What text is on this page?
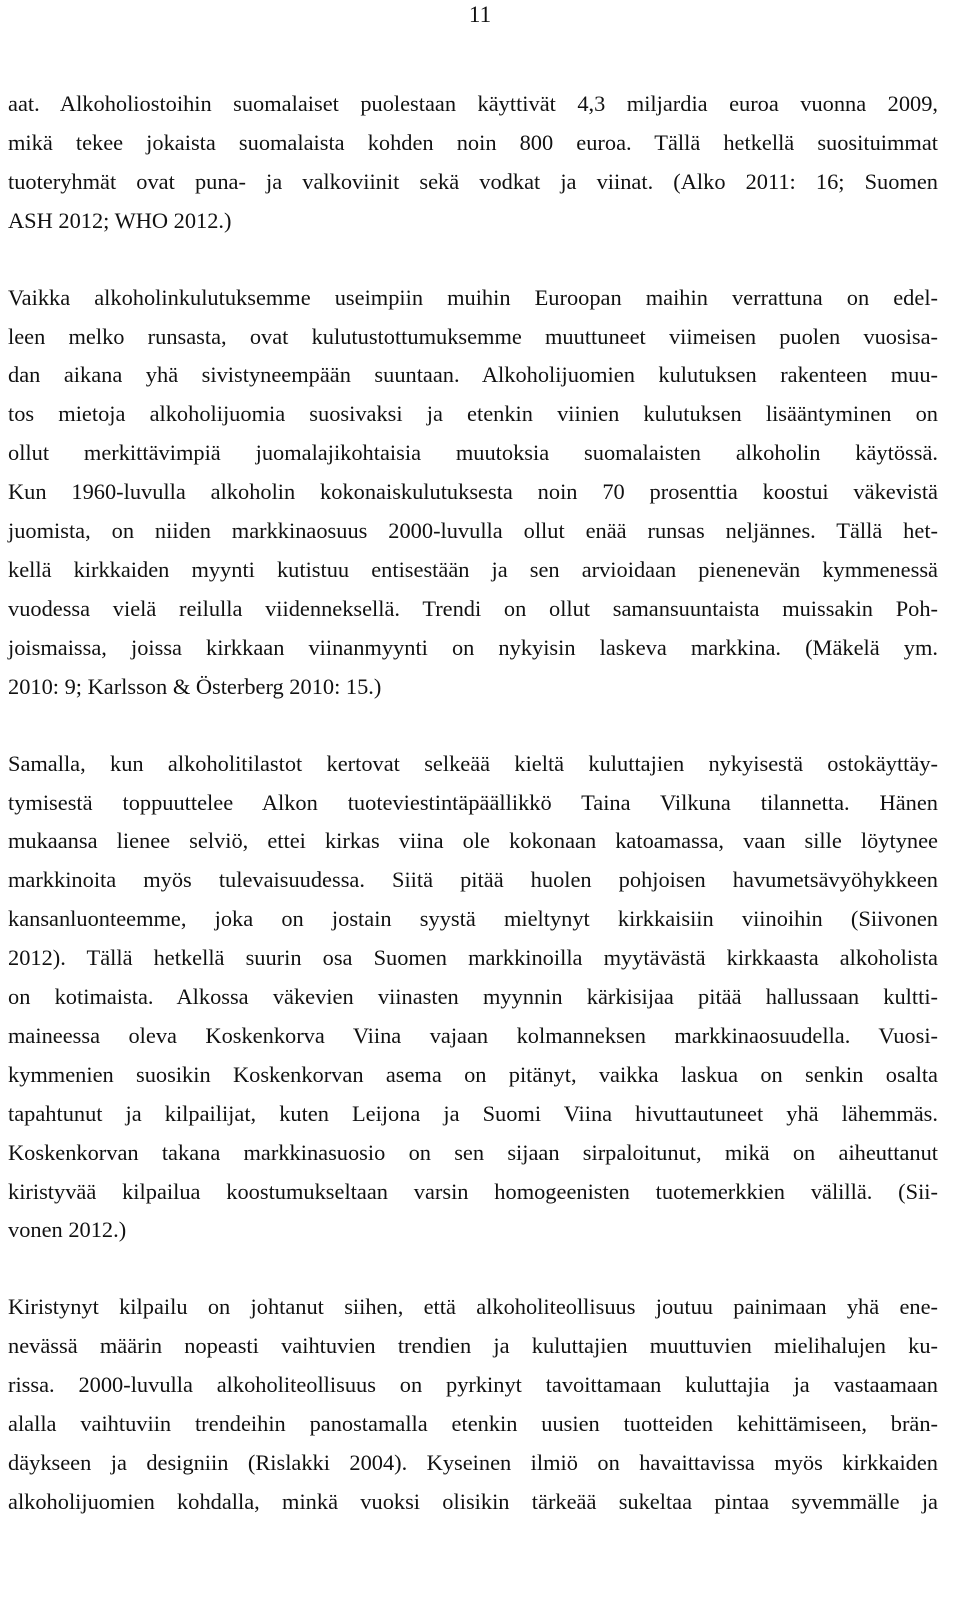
11

aat. Alkoholiostoihin suomalaiset puolestaan käyttivät 4,3 miljardia euroa vuonna 2009,
mikä tekee jokaista suomalaista kohden noin 800 euroa. Tällä hetkellä suosituimmat
tuoteryhmät ovat puna- ja valkoviinit sekä vodkat ja viinat. (Alko 2011: 16; Suomen
ASH 2012; WHO 2012.)

Vaikka alkoholinkulutuksemme useimpiin muihin Euroopan maihin verrattuna on edel-
leen melko runsasta, ovat kulutustottumuksemme muuttuneet viimeisen puolen vuosisa-
dan aikana yhä sivistyneempään suuntaan. Alkoholijuomien kulutuksen rakenteen muu-
tos mietoja alkoholijuomia suosivaksi ja etenkin viinien kulutuksen lisääntyminen on
ollut merkittävimpiä juomalajikohtaisia muutoksia suomalaisten alkoholin käytössä.
Kun 1960-luvulla alkoholin kokonaiskulutuksesta noin 70 prosenttia koostui väkevistä
juomista, on niiden markkinaosuus 2000-luvulla ollut enää runsas neljännes. Tällä het-
kellä kirkkaiden myynti kutistuu entisestään ja sen arvioidaan pienenevän kymmenessä
vuodessa vielä reilulla viidenneksellä. Trendi on ollut samansuuntaista muissakin Poh-
joismaissa, joissa kirkkaan viinanmyynti on nykyisin laskeva markkina. (Mäkelä ym.
2010: 9; Karlsson & Österberg 2010: 15.)

Samalla, kun alkoholitilastot kertovat selkeää kieltä kuluttajien nykyisestä ostokäyttäy-
tymisestä toppuuttelee Alkon tuoteviestintäpäällikkö Taina Vilkuna tilannetta. Hänen
mukaansa lienee selviö, ettei kirkas viina ole kokonaan katoamassa, vaan sille löytynee
markkinoita myös tulevaisuudessa. Siitä pitää huolen pohjoisen havumetsävyöhykkeen
kansanluonteemme, joka on jostain syystä mieltynyt kirkkaisiin viinoihin (Siivonen
2012). Tällä hetkellä suurin osa Suomen markkinoilla myytävästä kirkkaasta alkoholista
on kotimaista. Alkossa väkevien viinasten myynnin kärkisijaa pitää hallussaan kultti-
maineessa oleva Koskenkorva Viina vajaan kolmanneksen markkinaosuudella. Vuosi-
kymmenien suosikin Koskenkorvan asema on pitänyt, vaikka laskua on senkin osalta
tapahtunut ja kilpailijat, kuten Leijona ja Suomi Viina hivuttautuneet yhä lähemmäs.
Koskenkorvan takana markkinasuosio on sen sijaan sirpaloitunut, mikä on aiheuttanut
kiristyvää kilpailua koostumukseltaan varsin homogeenisten tuotemerkkien välillä. (Sii-
vonen 2012.)

Kiristynyt kilpailu on johtanut siihen, että alkoholiteollisuus joutuu painimaan yhä ene-
nevässä määrin nopeasti vaihtuvien trendien ja kuluttajien muuttuvien mielihalujen ku-
rissa. 2000-luvulla alkoholiteollisuus on pyrkinyt tavoittamaan kuluttajia ja vastaamaan
alalla vaihtuviin trendeihin panostamalla etenkin uusien tuotteiden kehittämiseen, brän-
däykseen ja designiin (Rislakki 2004). Kyseinen ilmiö on havaittavissa myös kirkkaiden
alkoholijuomien kohdalla, minkä vuoksi olisikin tärkeää sukeltaa pintaa syvemmälle ja
